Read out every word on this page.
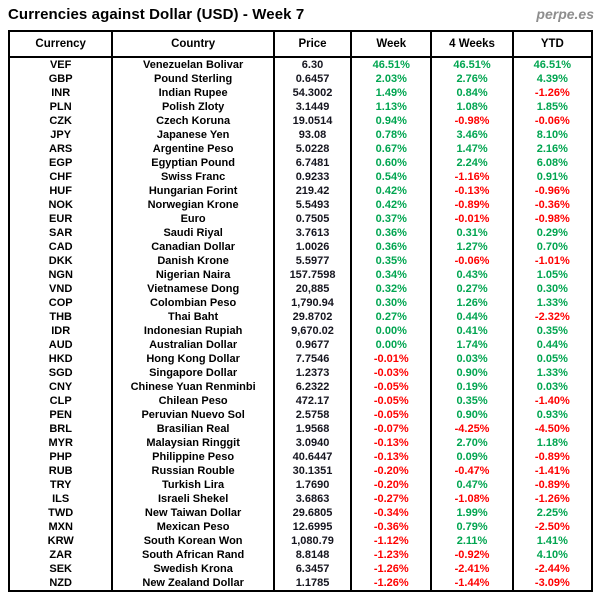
Currencies against Dollar (USD) - Week 7	perpe.es
Currency	Country	Price	Week	4 Weeks	YTD
VEF	Venezuelan Bolivar	6.30	46.51%	46.51%	46.51%
GBP	Pound Sterling	0.6457	2.03%	2.76%	4.39%
INR	Indian Rupee	54.3002	1.49%	0.84%	-1.26%
PLN	Polish Zloty	3.1449	1.13%	1.08%	1.85%
CZK	Czech Koruna	19.0514	0.94%	-0.98%	-0.06%
JPY	Japanese Yen	93.08	0.78%	3.46%	8.10%
ARS	Argentine Peso	5.0228	0.67%	1.47%	2.16%
EGP	Egyptian Pound	6.7481	0.60%	2.24%	6.08%
CHF	Swiss Franc	0.9233	0.54%	-1.16%	0.91%
HUF	Hungarian Forint	219.42	0.42%	-0.13%	-0.96%
NOK	Norwegian Krone	5.5493	0.42%	-0.89%	-0.36%
EUR	Euro	0.7505	0.37%	-0.01%	-0.98%
SAR	Saudi Riyal	3.7613	0.36%	0.31%	0.29%
CAD	Canadian Dollar	1.0026	0.36%	1.27%	0.70%
DKK	Danish Krone	5.5977	0.35%	-0.06%	-1.01%
NGN	Nigerian Naira	157.7598	0.34%	0.43%	1.05%
VND	Vietnamese Dong	20,885	0.32%	0.27%	0.30%
COP	Colombian Peso	1,790.94	0.30%	1.26%	1.33%
THB	Thai Baht	29.8702	0.27%	0.44%	-2.32%
IDR	Indonesian Rupiah	9,670.02	0.00%	0.41%	0.35%
AUD	Australian Dollar	0.9677	0.00%	1.74%	0.44%
HKD	Hong Kong Dollar	7.7546	-0.01%	0.03%	0.05%
SGD	Singapore Dollar	1.2373	-0.03%	0.90%	1.33%
CNY	Chinese Yuan Renminbi	6.2322	-0.05%	0.19%	0.03%
CLP	Chilean Peso	472.17	-0.05%	0.35%	-1.40%
PEN	Peruvian Nuevo Sol	2.5758	-0.05%	0.90%	0.93%
BRL	Brasilian Real	1.9568	-0.07%	-4.25%	-4.50%
MYR	Malaysian Ringgit	3.0940	-0.13%	2.70%	1.18%
PHP	Philippine Peso	40.6447	-0.13%	0.09%	-0.89%
RUB	Russian Rouble	30.1351	-0.20%	-0.47%	-1.41%
TRY	Turkish Lira	1.7690	-0.20%	0.47%	-0.89%
ILS	Israeli Shekel	3.6863	-0.27%	-1.08%	-1.26%
TWD	New Taiwan Dollar	29.6805	-0.34%	1.99%	2.25%
MXN	Mexican Peso	12.6995	-0.36%	0.79%	-2.50%
KRW	South Korean Won	1,080.79	-1.12%	2.11%	1.41%
ZAR	South African Rand	8.8148	-1.23%	-0.92%	4.10%
SEK	Swedish Krona	6.3457	-1.26%	-2.41%	-2.44%
NZD	New Zealand Dollar	1.1785	-1.26%	-1.44%	-3.09%
